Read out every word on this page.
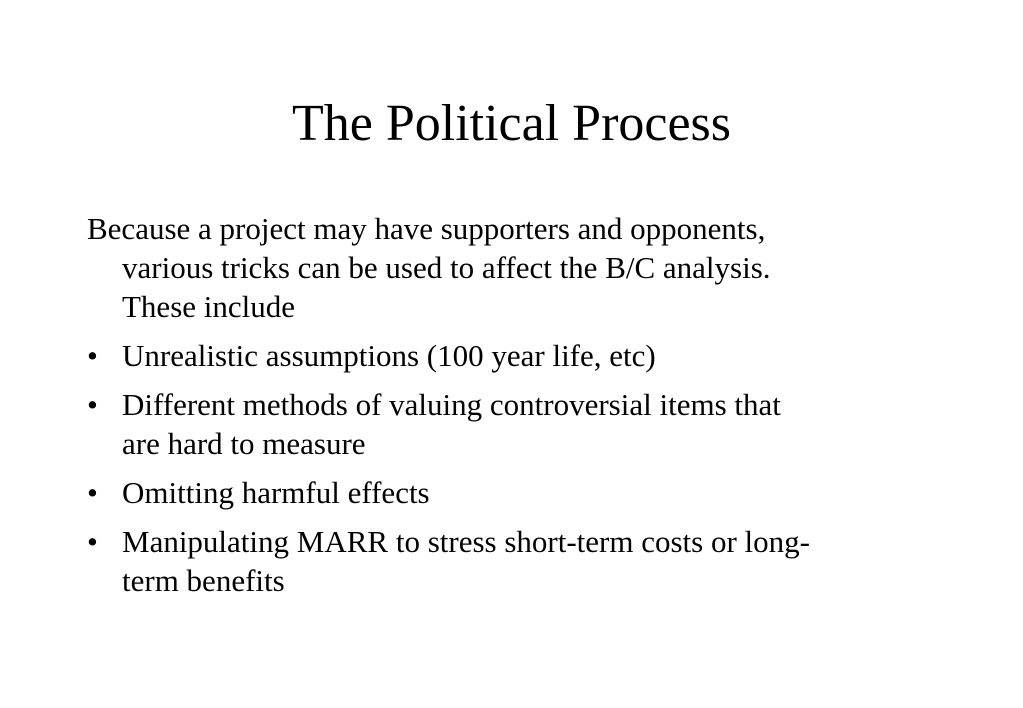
The Political Process

Because a project may have supporters and opponents,
various tricks can be used to affect the B/C analysis.
These include

• Unrealistic assumptions (100 year life, etc)
• Different methods of valuing controversial items that
are hard to measure
• Omitting harmful effects
• Manipulating MARR to stress short-term costs or long-
term benefits
